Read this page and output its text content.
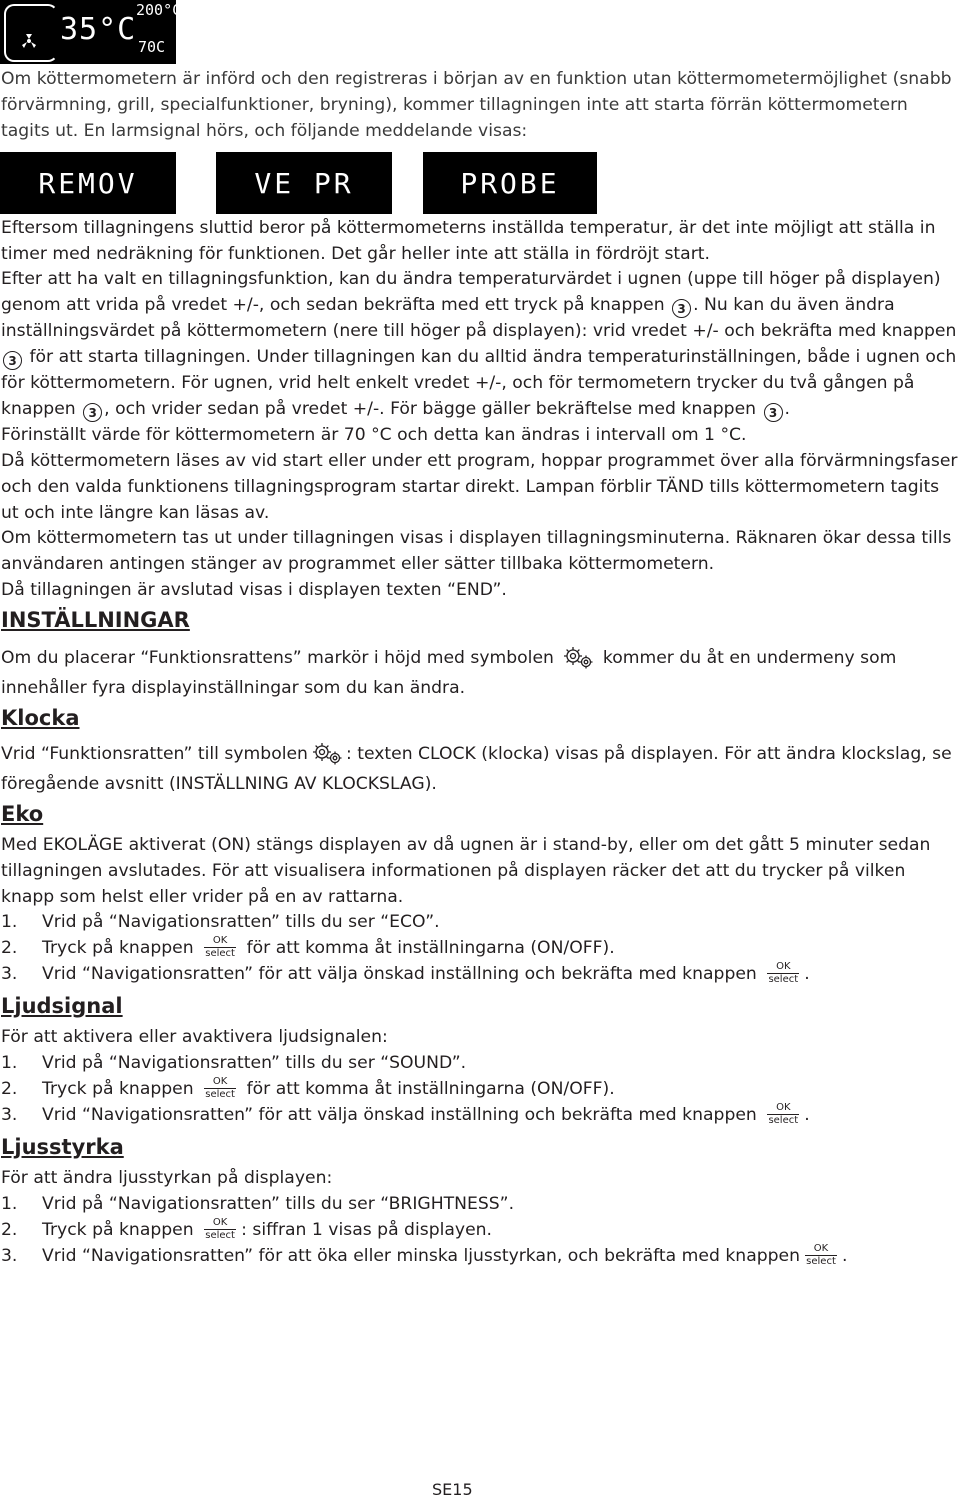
35°C
200°C
70C
Om köttermometern är införd och den registreras i början av en funktion utan köttermometermöjlighet (snabb förvärmning, grill, specialfunktioner, bryning), kommer tillagningen inte att starta förrän köttermometern tagits ut. En larmsignal hörs, och följande meddelande visas:
REMOV	VE PR	PROBE
Eftersom tillagningens sluttid beror på köttermometerns inställda temperatur, är det inte möjligt att ställa in timer med nedräkning för funktionen. Det går heller inte att ställa in fördröjt start.
Efter att ha valt en tillagningsfunktion, kan du ändra temperaturvärdet i ugnen (uppe till höger på displayen) genom att vrida på vredet +/-, och sedan bekräfta med ett tryck på knappen 3 . Nu kan du även ändra inställningsvärdet på köttermometern (nere till höger på displayen): vrid vredet +/- och bekräfta med knappen 3 för att starta tillagningen. Under tillagningen kan du alltid ändra temperaturinställningen, både i ugnen och för köttermometern. För ugnen, vrid helt enkelt vredet +/-, och för termometern trycker du två gången på knappen 3 , och vrider sedan på vredet +/-. För bägge gäller bekräftelse med knappen 3 .
Förinställt värde för köttermometern är 70 °C och detta kan ändras i intervall om 1 °C.
Då köttermometern läses av vid start eller under ett program, hoppar programmet över alla förvärmningsfaser och den valda funktionens tillagningsprogram startar direkt. Lampan förblir TÄND tills köttermometern tagits ut och inte längre kan läsas av.
Om köttermometern tas ut under tillagningen visas i displayen tillagningsminuterna. Räknaren ökar dessa tills användaren antingen stänger av programmet eller sätter tillbaka köttermometern.
Då tillagningen är avslutad visas i displayen texten “END”.
INSTÄLLNINGAR
Om du placerar “Funktionsrattens” markör i höjd med symbolen	kommer du åt en undermeny som innehåller fyra displayinställningar som du kan ändra.
Klocka
Vrid “Funktionsratten” till symbolen : texten CLOCK (klocka) visas på displayen. För att ändra klockslag, se föregående avsnitt (INSTÄLLNING AV KLOCKSLAG).
Eko
Med EKOLÄGE aktiverat (ON) stängs displayen av då ugnen är i stand-by, eller om det gått 5 minuter sedan tillagningen avslutades. För att visualisera informationen på displayen räcker det att du trycker på vilken knapp som helst eller vrider på en av rattarna.
1. Vrid på “Navigationsratten” tills du ser “ECO”.
2. Tryck på knappen	OK
select för att komma åt inställningarna (ON/OFF).
3. Vrid “Navigationsratten” för att välja önskad inställning och bekräfta med knappen	OK
select .
Ljudsignal
För att aktivera eller avaktivera ljudsignalen:
1. Vrid på “Navigationsratten” tills du ser “SOUND”.
2. Tryck på knappen	OK
select för att komma åt inställningarna (ON/OFF).
3. Vrid “Navigationsratten” för att välja önskad inställning och bekräfta med knappen	OK
select .
Ljusstyrka
För att ändra ljusstyrkan på displayen:
1. Vrid på “Navigationsratten” tills du ser “BRIGHTNESS”.
2. Tryck på knappen	OK
select : siffran 1 visas på displayen.
3. Vrid “Navigationsratten” för att öka eller minska ljusstyrkan, och bekräfta med knappen	OK
select .
SE15
